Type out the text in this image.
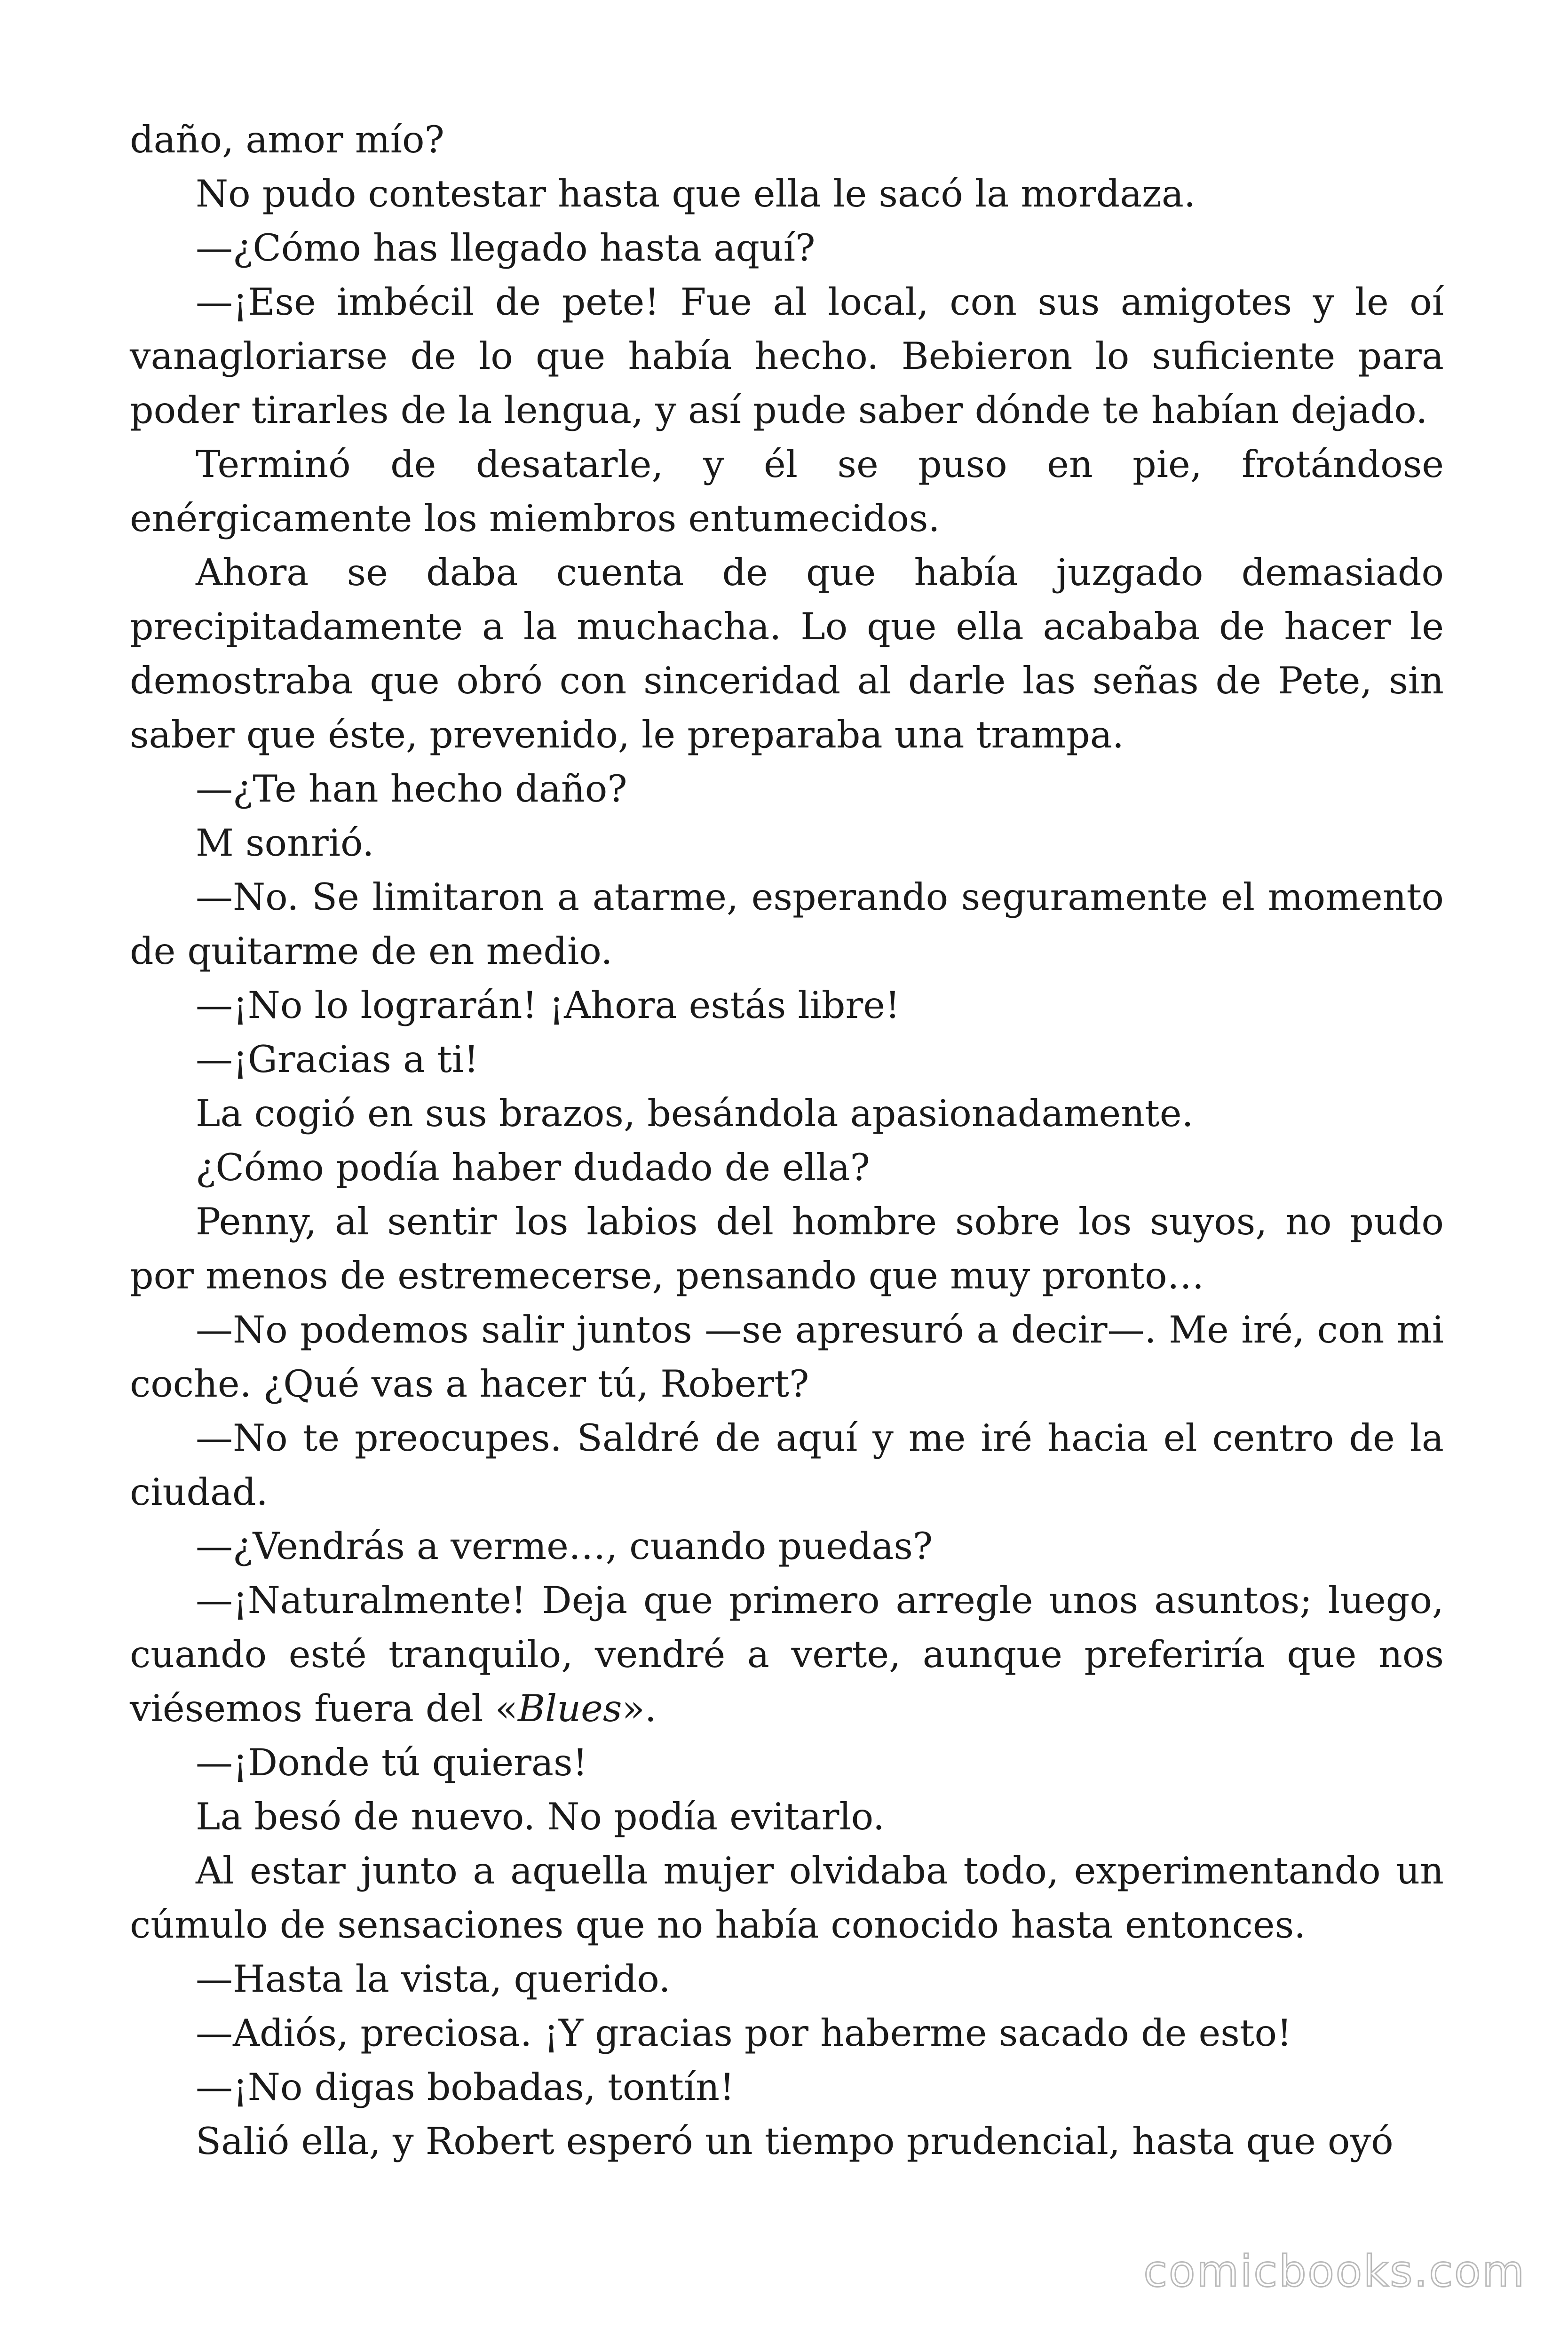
daño, amor mío?

No pudo contestar hasta que ella le sacó la mordaza.

—¿Cómo has llegado hasta aquí?

—¡Ese imbécil de pete! Fue al local, con sus amigotes y le oí vanagloriarse de lo que había hecho. Bebieron lo suficiente para poder tirarles de la lengua, y así pude saber dónde te habían dejado.

Terminó de desatarle, y él se puso en pie, frotándose enérgicamente los miembros entumecidos.

Ahora se daba cuenta de que había juzgado demasiado precipitadamente a la muchacha. Lo que ella acababa de hacer le demostraba que obró con sinceridad al darle las señas de Pete, sin saber que éste, prevenido, le preparaba una trampa.

—¿Te han hecho daño?

M sonrió.

—No. Se limitaron a atarme, esperando seguramente el momento de quitarme de en medio.

—¡No lo lograrán! ¡Ahora estás libre!

—¡Gracias a ti!

La cogió en sus brazos, besándola apasionadamente.

¿Cómo podía haber dudado de ella?

Penny, al sentir los labios del hombre sobre los suyos, no pudo por menos de estremecerse, pensando que muy pronto…

—No podemos salir juntos —se apresuró a decir—. Me iré, con mi coche. ¿Qué vas a hacer tú, Robert?

—No te preocupes. Saldré de aquí y me iré hacia el centro de la ciudad.

—¿Vendrás a verme…, cuando puedas?

—¡Naturalmente! Deja que primero arregle unos asuntos; luego, cuando esté tranquilo, vendré a verte, aunque preferiría que nos viésemos fuera del «Blues».

—¡Donde tú quieras!

La besó de nuevo. No podía evitarlo.

Al estar junto a aquella mujer olvidaba todo, experimentando un cúmulo de sensaciones que no había conocido hasta entonces.

—Hasta la vista, querido.

—Adiós, preciosa. ¡Y gracias por haberme sacado de esto!

—¡No digas bobadas, tontín!

Salió ella, y Robert esperó un tiempo prudencial, hasta que oyó

comicbooks.com
